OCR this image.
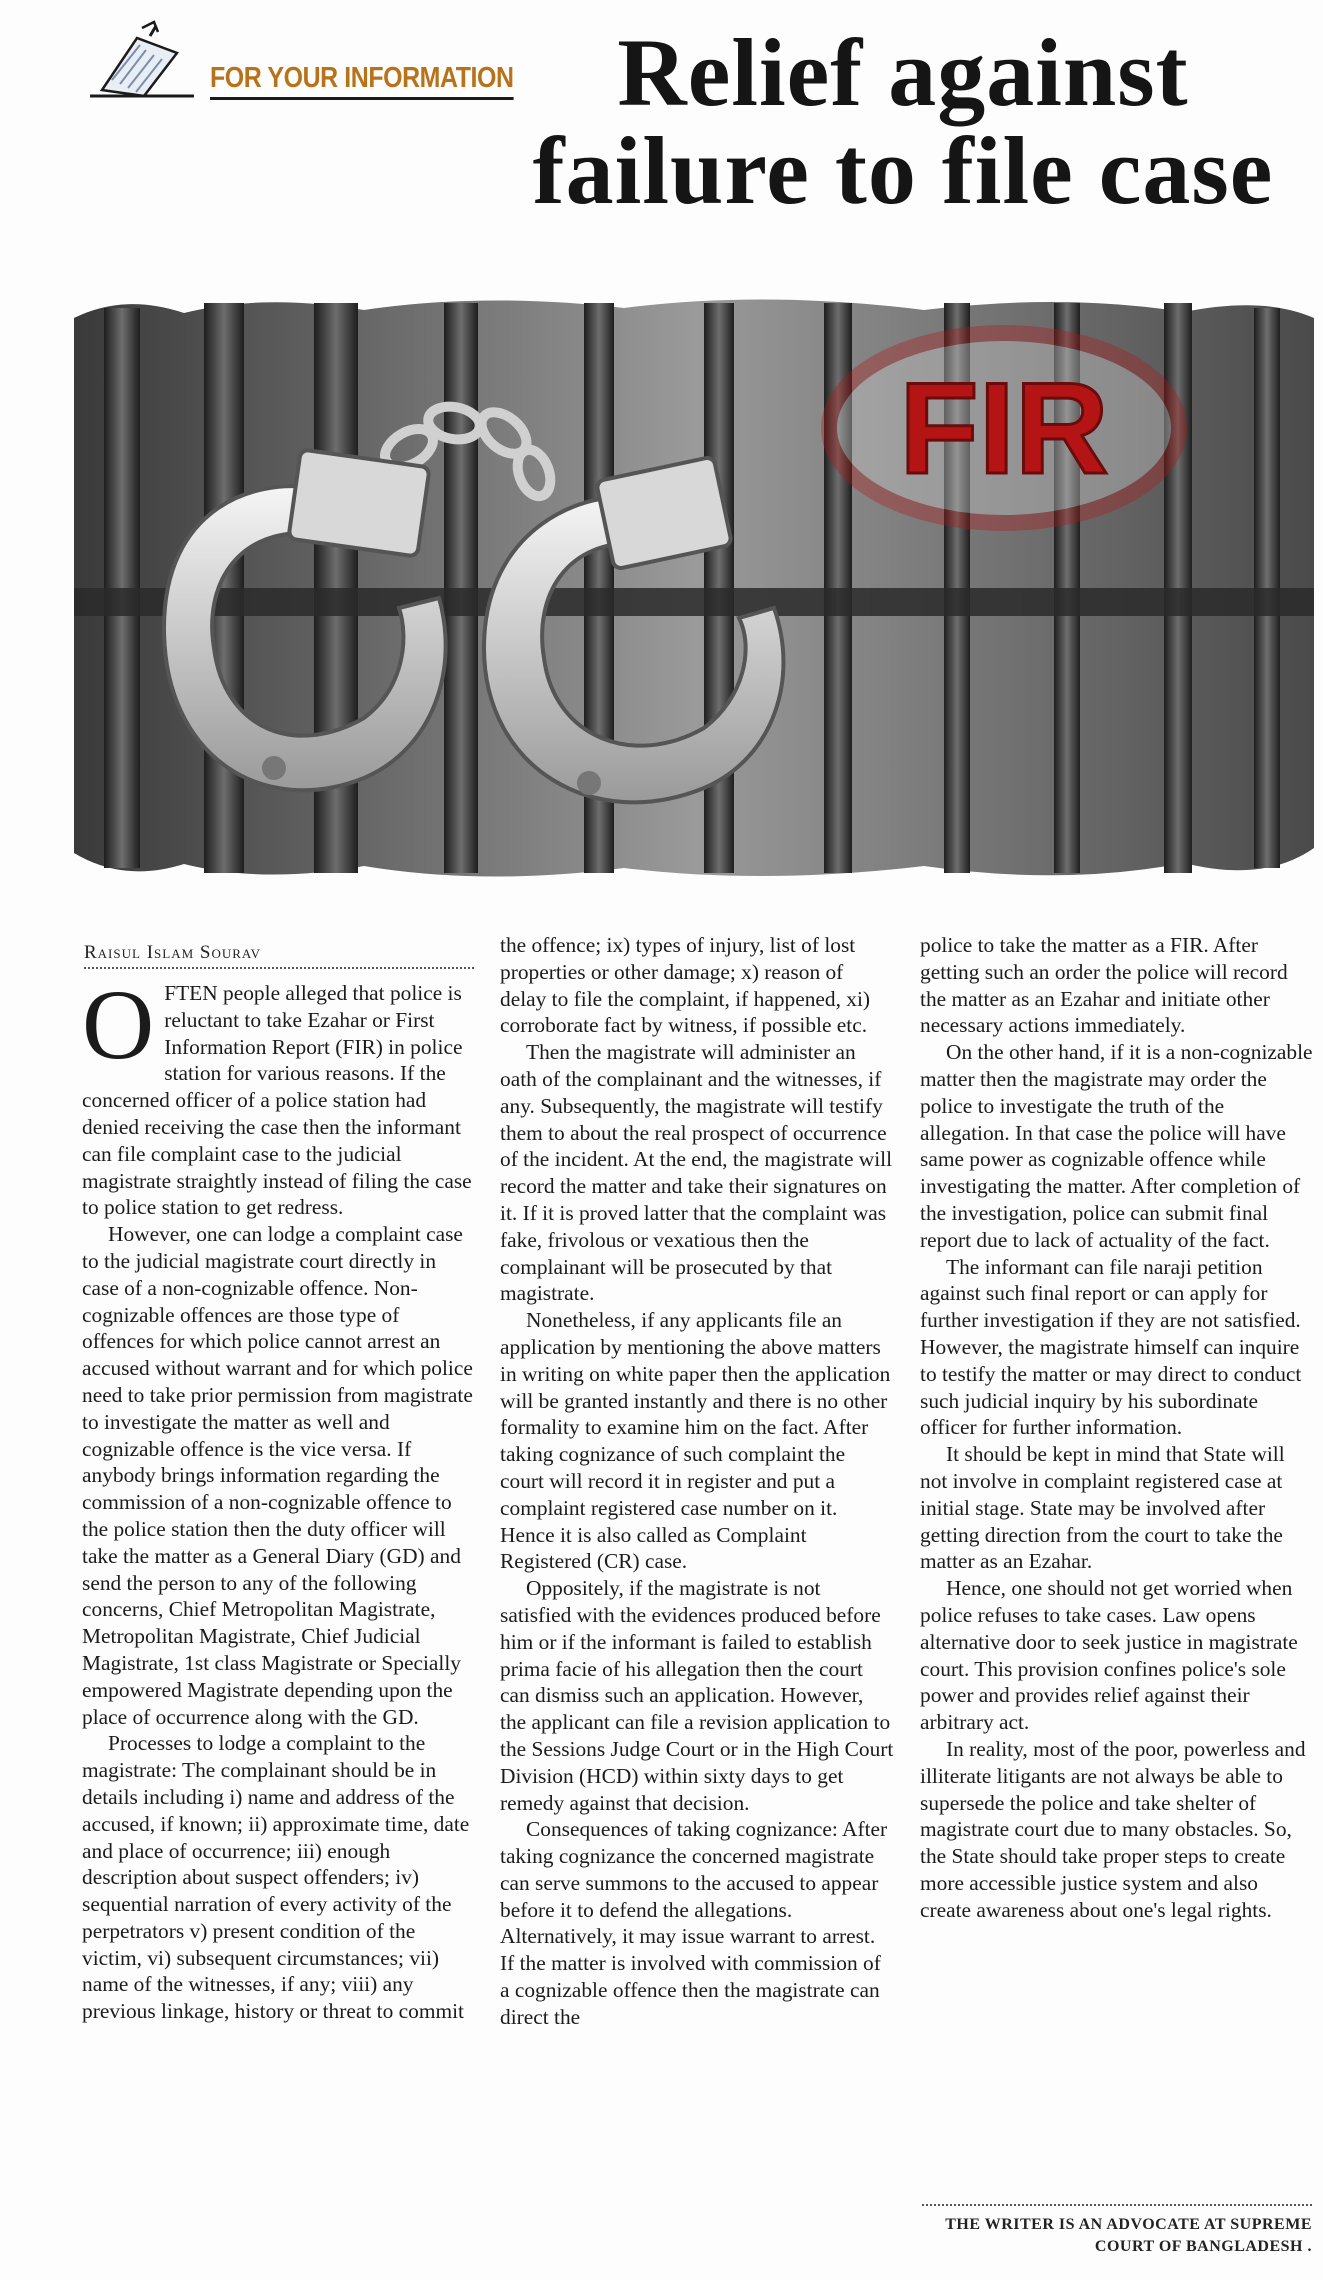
FOR YOUR INFORMATION	Relief against failure to file case
FIR
Raisul Islam Sourav

OFTEN people alleged that police is reluctant to take Ezahar or First Information Report (FIR) in police station for various reasons. If the concerned officer of a police station had denied receiving the case then the informant can file complaint case to the judicial magistrate straightly instead of filing the case to police station to get redress.

However, one can lodge a complaint case to the judicial magistrate court directly in case of a non-cognizable offence. Non-cognizable offences are those type of offences for which police cannot arrest an accused without warrant and for which police need to take prior permission from magistrate to investigate the matter as well and cognizable offence is the vice versa. If anybody brings information regarding the commission of a non-cognizable offence to the police station then the duty officer will take the matter as a General Diary (GD) and send the person to any of the following concerns, Chief Metropolitan Magistrate, Metropolitan Magistrate, Chief Judicial Magistrate, 1st class Magistrate or Specially empowered Magistrate depending upon the place of occurrence along with the GD.

Processes to lodge a complaint to the magistrate: The complainant should be in details including i) name and address of the accused, if known; ii) approximate time, date and place of occurrence; iii) enough description about suspect offenders; iv) sequential narration of every activity of the perpetrators v) present condition of the victim, vi) subsequent circumstances; vii) name of the witnesses, if any; viii) any previous linkage, history or threat to commit

the offence; ix) types of injury, list of lost properties or other damage; x) reason of delay to file the complaint, if happened, xi) corroborate fact by witness, if possible etc.

Then the magistrate will administer an oath of the complainant and the witnesses, if any. Subsequently, the magistrate will testify them to about the real prospect of occurrence of the incident. At the end, the magistrate will record the matter and take their signatures on it. If it is proved latter that the complaint was fake, frivolous or vexatious then the complainant will be prosecuted by that magistrate.

Nonetheless, if any applicants file an application by mentioning the above matters in writing on white paper then the application will be granted instantly and there is no other formality to examine him on the fact. After taking cognizance of such complaint the court will record it in register and put a complaint registered case number on it. Hence it is also called as Complaint Registered (CR) case.

Oppositely, if the magistrate is not satisfied with the evidences produced before him or if the informant is failed to establish prima facie of his allegation then the court can dismiss such an application. However, the applicant can file a revision application to the Sessions Judge Court or in the High Court Division (HCD) within sixty days to get remedy against that decision.

Consequences of taking cognizance: After taking cognizance the concerned magistrate can serve summons to the accused to appear before it to defend the allegations. Alternatively, it may issue warrant to arrest. If the matter is involved with commission of a cognizable offence then the magistrate can direct the

police to take the matter as a FIR. After getting such an order the police will record the matter as an Ezahar and initiate other necessary actions immediately.

On the other hand, if it is a non-cognizable matter then the magistrate may order the police to investigate the truth of the allegation. In that case the police will have same power as cognizable offence while investigating the matter. After completion of the investigation, police can submit final report due to lack of actuality of the fact.

The informant can file naraji petition against such final report or can apply for further investigation if they are not satisfied. However, the magistrate himself can inquire to testify the matter or may direct to conduct such judicial inquiry by his subordinate officer for further information.

It should be kept in mind that State will not involve in complaint registered case at initial stage. State may be involved after getting direction from the court to take the matter as an Ezahar.

Hence, one should not get worried when police refuses to take cases. Law opens alternative door to seek justice in magistrate court. This provision confines police's sole power and provides relief against their arbitrary act.

In reality, most of the poor, powerless and illiterate litigants are not always be able to supersede the police and take shelter of magistrate court due to many obstacles. So, the State should take proper steps to create more accessible justice system and also create awareness about one's legal rights.

THE WRITER IS AN ADVOCATE AT SUPREME COURT OF BANGLADESH .
